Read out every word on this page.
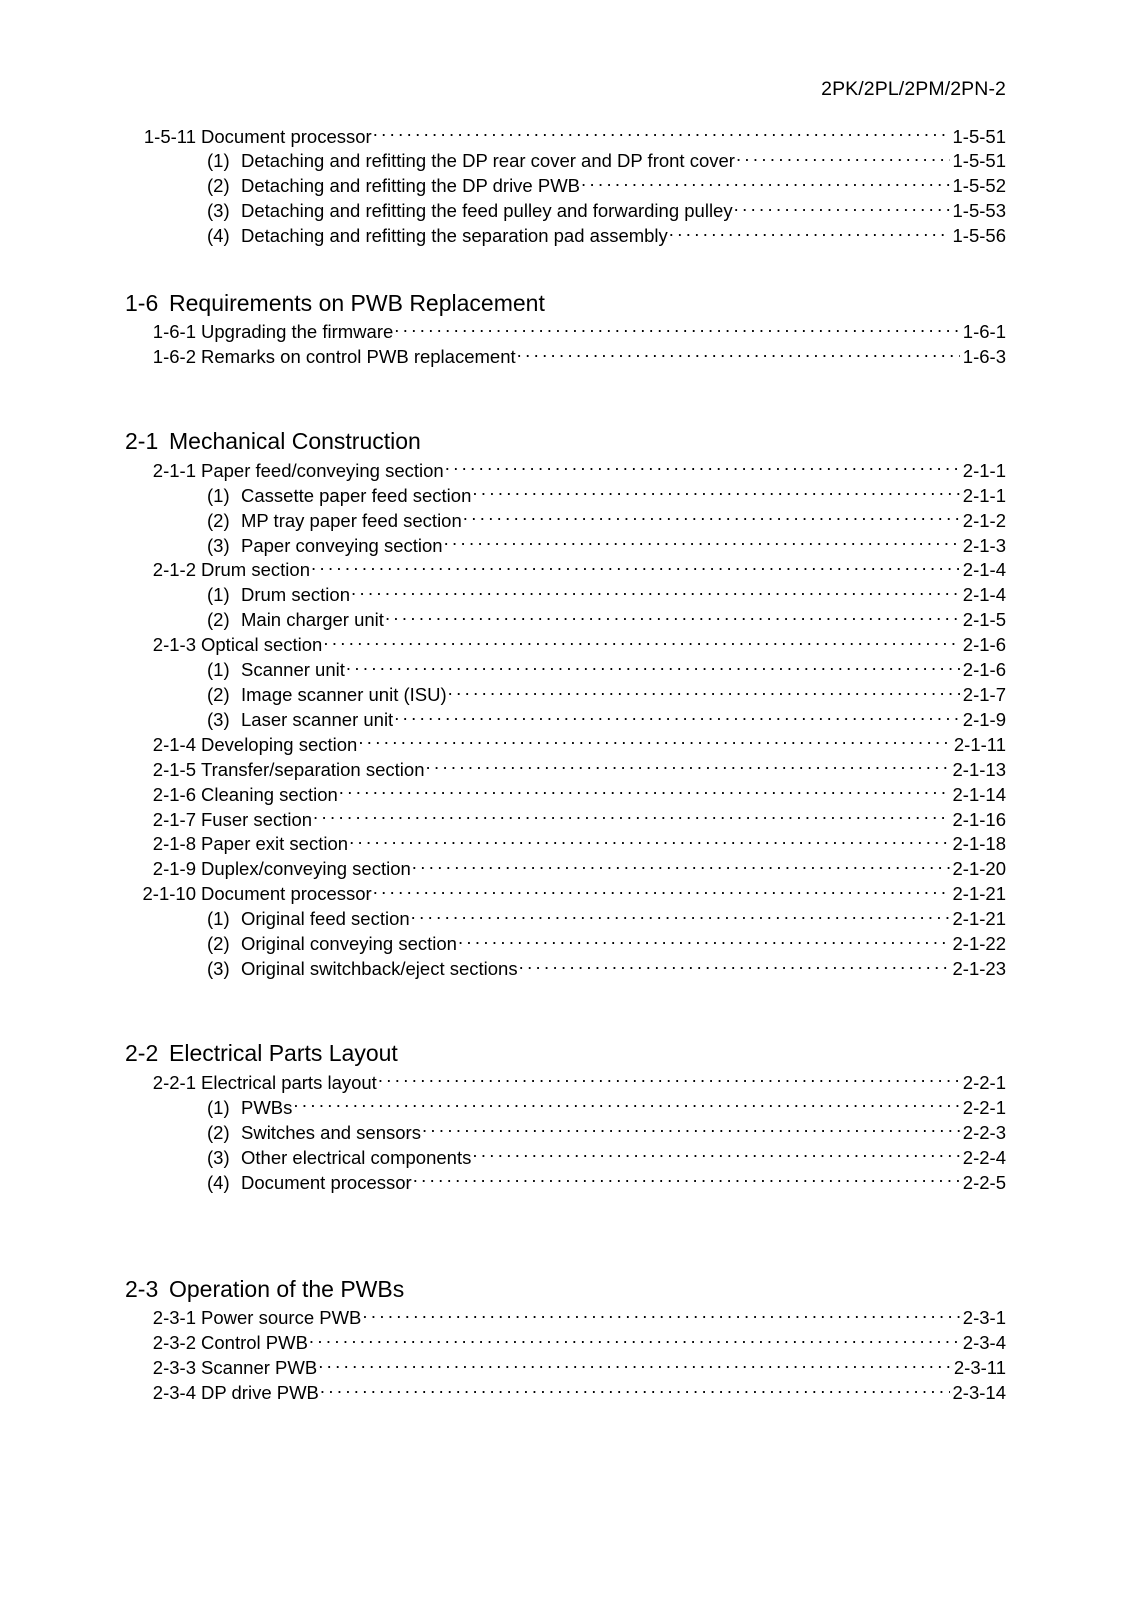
2PK/2PL/2PM/2PN-2
1-5-11 Document processor . . .	1-5-51
(1) Detaching and refitting the DP rear cover and DP front cover . . .	1-5-51
(2) Detaching and refitting the DP drive PWB . . .	1-5-52
(3) Detaching and refitting the feed pulley and forwarding pulley . . .	1-5-53
(4) Detaching and refitting the separation pad assembly . . .	1-5-56
1-6 Requirements on PWB Replacement
1-6-1 Upgrading the firmware . . .	1-6-1
1-6-2 Remarks on control PWB replacement . . .	1-6-3
2-1 Mechanical Construction
2-1-1 Paper feed/conveying section . . .	2-1-1
(1) Cassette paper feed section . . .	2-1-1
(2) MP tray paper feed section . . .	2-1-2
(3) Paper conveying section . . .	2-1-3
2-1-2 Drum section . . .	2-1-4
(1) Drum section . . .	2-1-4
(2) Main charger unit . . .	2-1-5
2-1-3 Optical section . . .	2-1-6
(1) Scanner unit . . .	2-1-6
(2) Image scanner unit (ISU) . . .	2-1-7
(3) Laser scanner unit . . .	2-1-9
2-1-4 Developing section . . .	2-1-11
2-1-5 Transfer/separation section . . .	2-1-13
2-1-6 Cleaning section . . .	2-1-14
2-1-7 Fuser section . . .	2-1-16
2-1-8 Paper exit section . . .	2-1-18
2-1-9 Duplex/conveying section . . .	2-1-20
2-1-10 Document processor . . .	2-1-21
(1) Original feed section . . .	2-1-21
(2) Original conveying section . . .	2-1-22
(3) Original switchback/eject sections . . .	2-1-23
2-2 Electrical Parts Layout
2-2-1 Electrical parts layout . . .	2-2-1
(1) PWBs . . .	2-2-1
(2) Switches and sensors . . .	2-2-3
(3) Other electrical components . . .	2-2-4
(4) Document processor . . .	2-2-5
2-3 Operation of the PWBs
2-3-1 Power source PWB . . .	2-3-1
2-3-2 Control PWB . . .	2-3-4
2-3-3 Scanner PWB . . .	2-3-11
2-3-4 DP drive PWB . . .	2-3-14
